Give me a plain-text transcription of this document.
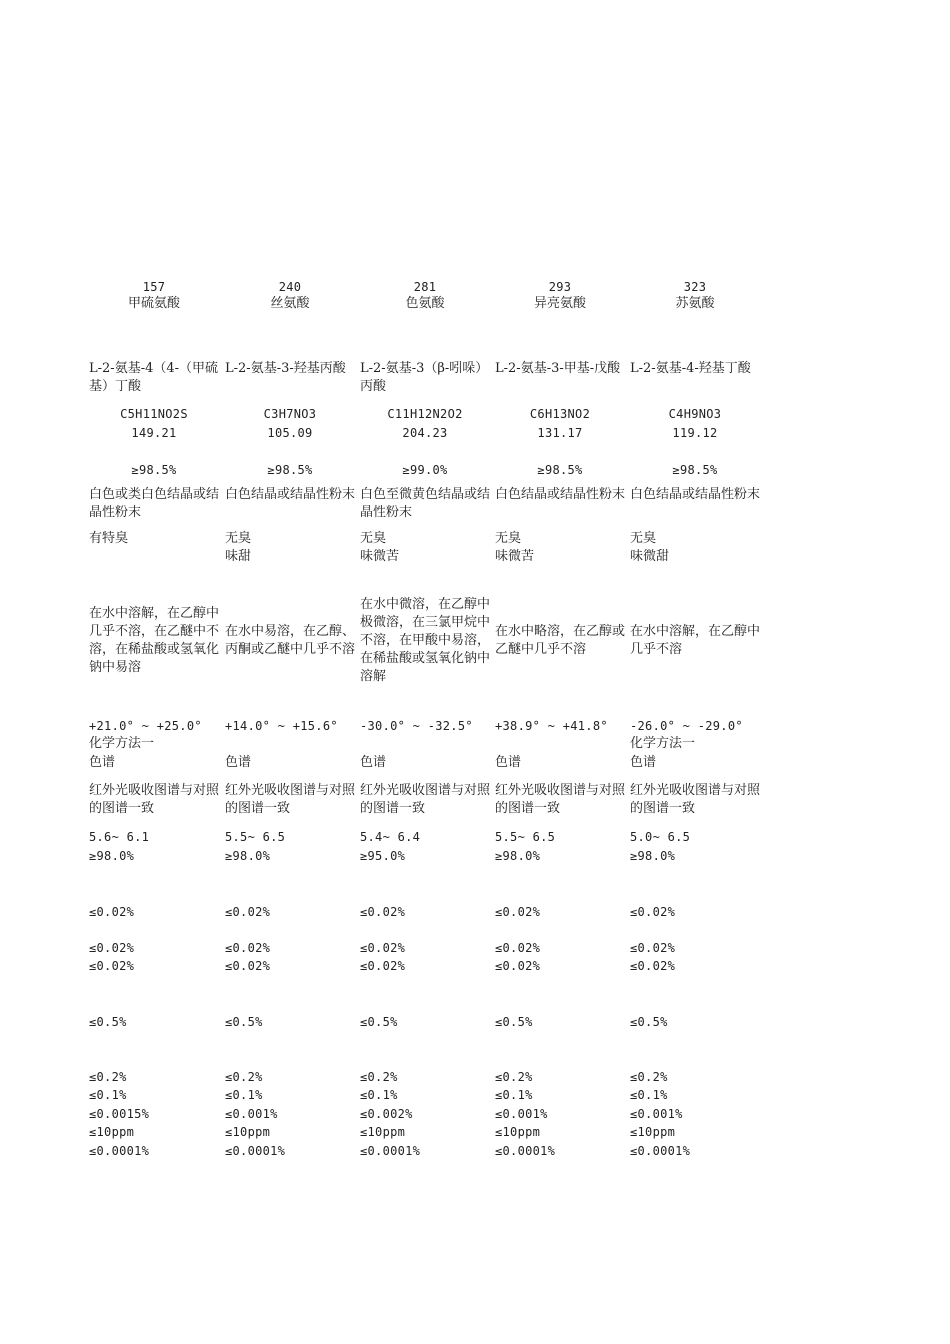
157
甲硫氨酸
L-2-氨基-4（4-（甲硫基）丁酸
C5H11NO2S
149.21
≥98.5%
白色或类白色结晶或结晶性粉末
有特臭
+21.0° ~ +25.0°
化学方法一
色谱
红外光吸收图谱与对照的图谱一致
5.6~ 6.1
≥98.0%
≤0.02%
≤0.02%
≤0.02%
≤0.5%
≤0.2%
≤0.1%
≤0.0015%
≤10ppm
≤0.0001%
在水中溶解，在乙醇中几乎不溶，在乙醚中不溶，在稀盐酸或氢氧化钠中易溶
240
丝氨酸
L-2-氨基-3-羟基丙酸
C3H7NO3
105.09
≥98.5%
白色结晶或结晶性粉末
无臭
味甜
+14.0° ~ +15.6°
色谱
红外光吸收图谱与对照的图谱一致
5.5~ 6.5
≥98.0%
≤0.02%
≤0.02%
≤0.02%
≤0.5%
≤0.2%
≤0.1%
≤0.001%
≤10ppm
≤0.0001%
在水中易溶，在乙醇、丙酮或乙醚中几乎不溶
281
色氨酸
L-2-氨基-3（β-吲哚）丙酸
C11H12N2O2
204.23
≥99.0%
白色至微黄色结晶或结晶性粉末
无臭
味微苦
-30.0° ~ -32.5°
色谱
红外光吸收图谱与对照的图谱一致
5.4~ 6.4
≥95.0%
≤0.02%
≤0.02%
≤0.02%
≤0.5%
≤0.2%
≤0.1%
≤0.002%
≤10ppm
≤0.0001%
在水中微溶，在乙醇中极微溶，在三氯甲烷中不溶，在甲酸中易溶，在稀盐酸或氢氧化钠中溶解
293
异亮氨酸
L-2-氨基-3-甲基-戊酸
C6H13NO2
131.17
≥98.5%
白色结晶或结晶性粉末
无臭
味微苦
+38.9° ~ +41.8°
色谱
红外光吸收图谱与对照的图谱一致
5.5~ 6.5
≥98.0%
≤0.02%
≤0.02%
≤0.02%
≤0.5%
≤0.2%
≤0.1%
≤0.001%
≤10ppm
≤0.0001%
在水中略溶，在乙醇或乙醚中几乎不溶
323
苏氨酸
L-2-氨基-4-羟基丁酸
C4H9NO3
119.12
≥98.5%
白色结晶或结晶性粉末
无臭
味微甜
-26.0° ~ -29.0°
化学方法一
色谱
红外光吸收图谱与对照的图谱一致
5.0~ 6.5
≥98.0%
≤0.02%
≤0.02%
≤0.02%
≤0.5%
≤0.2%
≤0.1%
≤0.001%
≤10ppm
≤0.0001%
在水中溶解，在乙醇中几乎不溶
